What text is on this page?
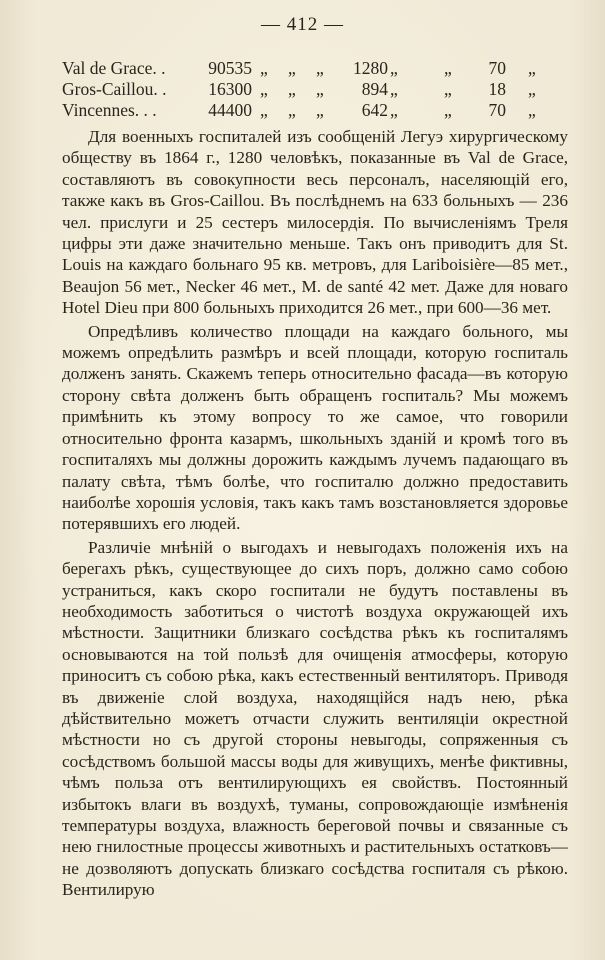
— 412 —
Val de Grace. .	90535 „ „ „	1280 „	„	70 „
Gros-Caillou. .	16300 „ „ „	894 „	„	18 „
Vincennes. . .	44400 „ „ „	642 „	„	70 „

Для военныхъ госпиталей изъ сообщеній Легуэ хирургическому обществу въ 1864 г., 1280 человѣкъ, показанные въ Val de Grace, составляютъ въ совокупности весь персоналъ, населяющій его, также какъ въ Gros-Caillou. Въ послѣднемъ на 633 больныхъ — 236 чел. прислуги и 25 сестеръ милосердія. По вычисленіямъ Треля цифры эти даже значительно меньше. Такъ онъ приводитъ для St. Louis на каждаго больнаго 95 кв. метровъ, для Lariboisière—85 мет., Beaujon 56 мет., Necker 46 мет., M. de santé 42 мет. Даже для новаго Hotel Dieu при 800 больныхъ приходится 26 мет., при 600—36 мет.

Опредѣливъ количество площади на каждаго больного, мы можемъ опредѣлить размѣръ и всей площади, которую госпиталь долженъ занять. Скажемъ теперь относительно фасада—въ которую сторону свѣта долженъ быть обращенъ госпиталь? Мы можемъ примѣнить къ этому вопросу то же самое, что говорили относительно фронта казармъ, школьныхъ зданій и кромѣ того въ госпиталяхъ мы должны дорожить каждымъ лучемъ падающаго въ палату свѣта, тѣмъ болѣе, что госпиталю должно предоставить наиболѣе хорошія условія, такъ какъ тамъ возстановляется здоровье потерявшихъ его людей.

Различіе мнѣній о выгодахъ и невыгодахъ положенія ихъ на берегахъ рѣкъ, существующее до сихъ поръ, должно само собою устраниться, какъ скоро госпитали не будутъ поставлены въ необходимость заботиться о чистотѣ воздуха окружающей ихъ мѣстности. Защитники близкаго сосѣдства рѣкъ къ госпиталямъ основываются на той пользѣ для очищенія атмосферы, которую приноситъ съ собою рѣка, какъ естественный вентиляторъ. Приводя въ движеніе слой воздуха, находящійся надъ нею, рѣка дѣйствительно можетъ отчасти служить вентиляціи окрестной мѣстности но съ другой стороны невыгоды, сопряженныя съ сосѣдствомъ большой массы воды для живущихъ, менѣе фиктивны, чѣмъ польза отъ вентилирующихъ ея свойствъ. Постоянный избытокъ влаги въ воздухѣ, туманы, сопровождающіе измѣненія температуры воздуха, влажность береговой почвы и связанные съ нею гнилостные процессы животныхъ и растительныхъ остатковъ—не дозволяютъ допускать близкаго сосѣдства госпиталя съ рѣкою. Вентилирую
